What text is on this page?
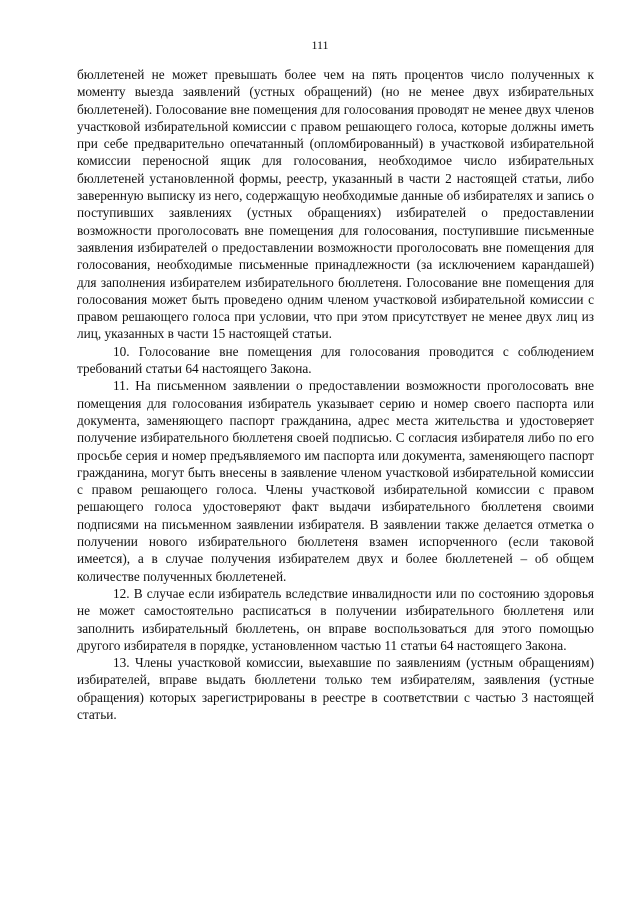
111

бюллетеней не может превышать более чем на пять процентов число полученных к моменту выезда заявлений (устных обращений) (но не менее двух избирательных бюллетеней). Голосование вне помещения для голосования проводят не менее двух членов участковой избирательной комиссии с правом решающего голоса, которые должны иметь при себе предварительно опечатанный (опломбированный) в участковой избирательной комиссии переносной ящик для голосования, необходимое число избирательных бюллетеней установленной формы, реестр, указанный в части 2 настоящей статьи, либо заверенную выписку из него, содержащую необходимые данные об избирателях и запись о поступивших заявлениях (устных обращениях) избирателей о предоставлении возможности проголосовать вне помещения для голосования, поступившие письменные заявления избирателей о предоставлении возможности проголосовать вне помещения для голосования, необходимые письменные принадлежности (за исключением карандашей) для заполнения избирателем избирательного бюллетеня. Голосование вне помещения для голосования может быть проведено одним членом участковой избирательной комиссии с правом решающего голоса при условии, что при этом присутствует не менее двух лиц из лиц, указанных в части 15 настоящей статьи.

10. Голосование вне помещения для голосования проводится с соблюдением требований статьи 64 настоящего Закона.

11. На письменном заявлении о предоставлении возможности проголосовать вне помещения для голосования избиратель указывает серию и номер своего паспорта или документа, заменяющего паспорт гражданина, адрес места жительства и удостоверяет получение избирательного бюллетеня своей подписью. С согласия избирателя либо по его просьбе серия и номер предъявляемого им паспорта или документа, заменяющего паспорт гражданина, могут быть внесены в заявление членом участковой избирательной комиссии с правом решающего голоса. Члены участковой избирательной комиссии с правом решающего голоса удостоверяют факт выдачи избирательного бюллетеня своими подписями на письменном заявлении избирателя. В заявлении также делается отметка о получении нового избирательного бюллетеня взамен испорченного (если таковой имеется), а в случае получения избирателем двух и более бюллетеней – об общем количестве полученных бюллетеней.

12. В случае если избиратель вследствие инвалидности или по состоянию здоровья не может самостоятельно расписаться в получении избирательного бюллетеня или заполнить избирательный бюллетень, он вправе воспользоваться для этого помощью другого избирателя в порядке, установленном частью 11 статьи 64 настоящего Закона.

13. Члены участковой комиссии, выехавшие по заявлениям (устным обращениям) избирателей, вправе выдать бюллетени только тем избирателям, заявления (устные обращения) которых зарегистрированы в реестре в соответствии с частью 3 настоящей статьи.
